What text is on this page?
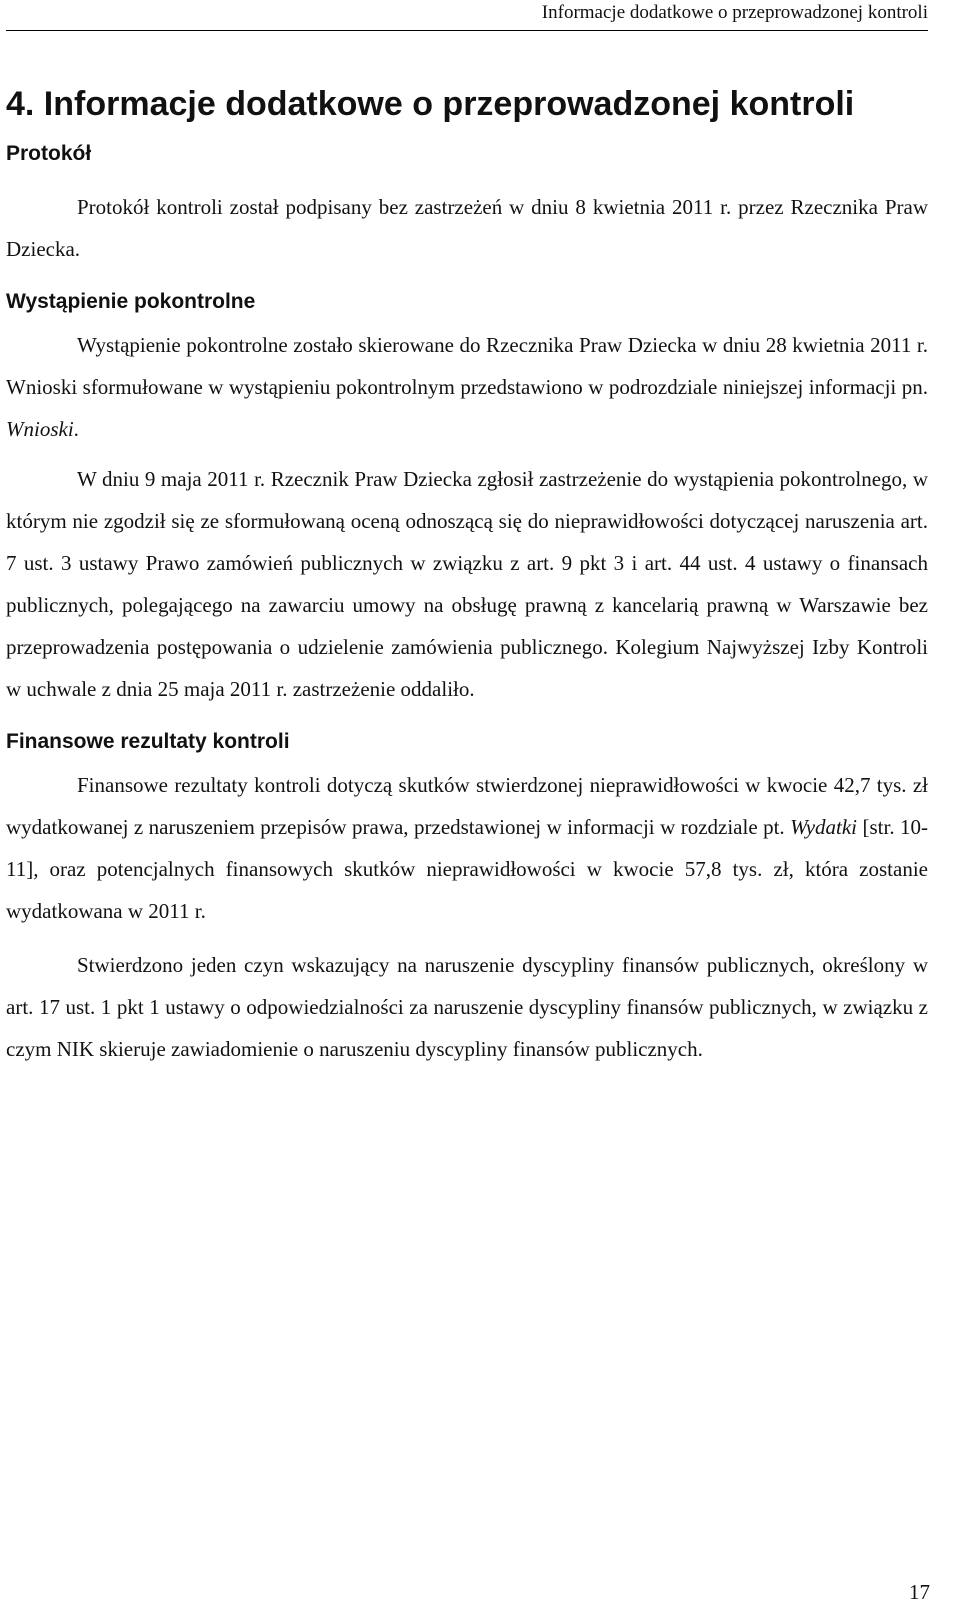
Informacje dodatkowe o przeprowadzonej kontroli
4. Informacje dodatkowe o przeprowadzonej kontroli
Protokół

Protokół kontroli został podpisany bez zastrzeżeń w dniu 8 kwietnia 2011 r. przez Rzecznika Praw Dziecka.

Wystąpienie pokontrolne

Wystąpienie pokontrolne zostało skierowane do Rzecznika Praw Dziecka w dniu 28 kwietnia 2011 r. Wnioski sformułowane w wystąpieniu pokontrolnym przedstawiono w podrozdziale niniejszej informacji pn. Wnioski.

W dniu 9 maja 2011 r. Rzecznik Praw Dziecka zgłosił zastrzeżenie do wystąpienia pokontrolnego, w którym nie zgodził się ze sformułowaną oceną odnoszącą się do nieprawidłowości dotyczącej naruszenia art. 7 ust. 3 ustawy Prawo zamówień publicznych w związku z art. 9 pkt 3 i art. 44 ust. 4 ustawy o finansach publicznych, polegającego na zawarciu umowy na obsługę prawną z kancelarią prawną w Warszawie bez przeprowadzenia postępowania o udzielenie zamówienia publicznego. Kolegium Najwyższej Izby Kontroli w uchwale z dnia 25 maja 2011 r. zastrzeżenie oddaliło.

Finansowe rezultaty kontroli

Finansowe rezultaty kontroli dotyczą skutków stwierdzonej nieprawidłowości w kwocie 42,7 tys. zł wydatkowanej z naruszeniem przepisów prawa, przedstawionej w informacji w rozdziale pt. Wydatki [str. 10-11], oraz potencjalnych finansowych skutków nieprawidłowości w kwocie 57,8 tys. zł, która zostanie wydatkowana w 2011 r.

Stwierdzono jeden czyn wskazujący na naruszenie dyscypliny finansów publicznych, określony w art. 17 ust. 1 pkt 1 ustawy o odpowiedzialności za naruszenie dyscypliny finansów publicznych, w związku z czym NIK skieruje zawiadomienie o naruszeniu dyscypliny finansów publicznych.

17
